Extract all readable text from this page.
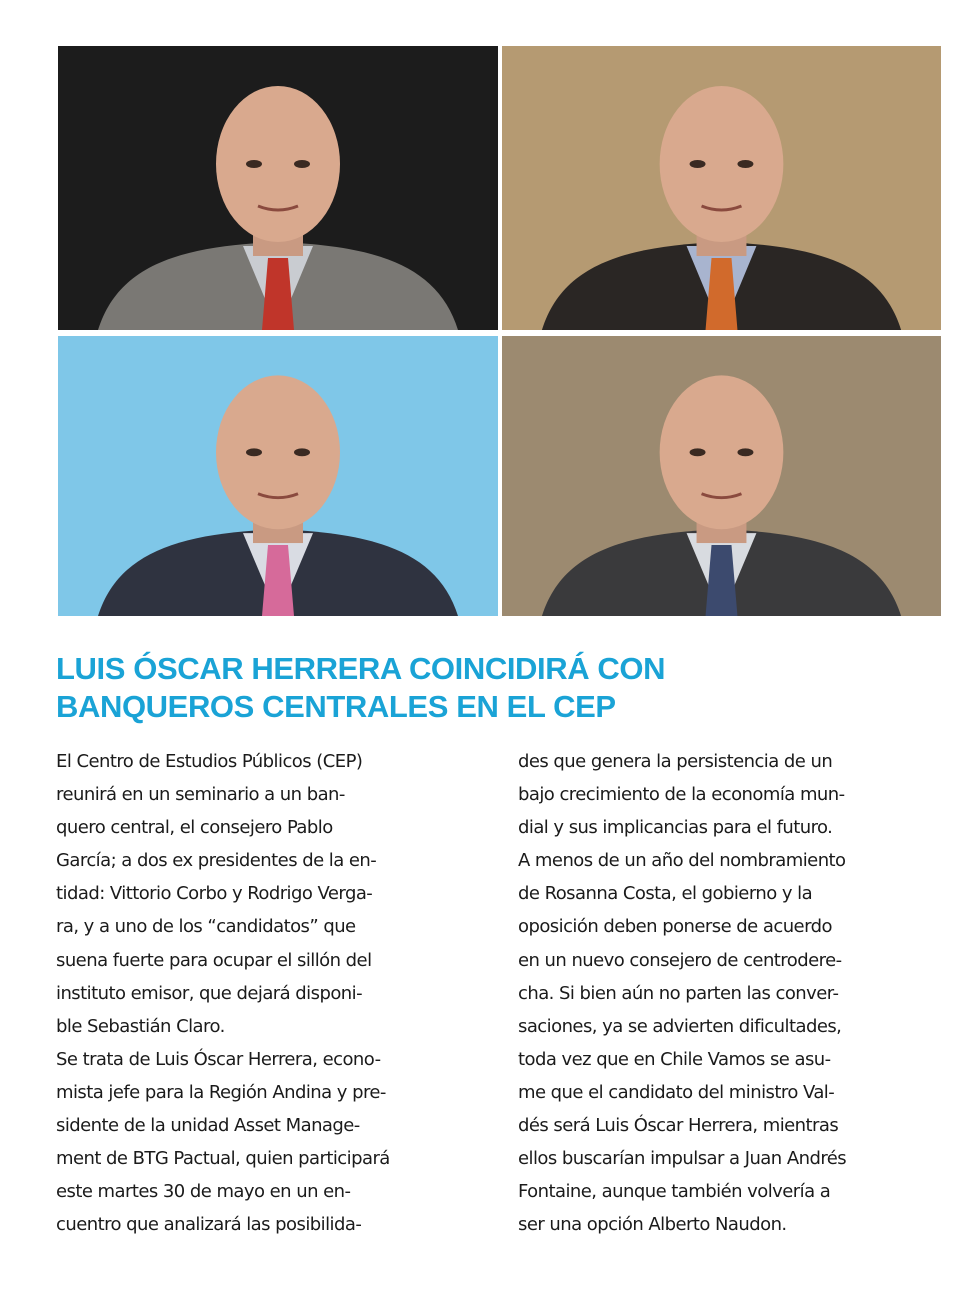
LUIS ÓSCAR HERRERA COINCIDIRÁ CON
BANQUEROS CENTRALES EN EL CEP
El Centro de Estudios Públicos (CEP)
reunirá en un seminario a un ban-
quero central, el consejero Pablo
García; a dos ex presidentes de la en-
tidad: Vittorio Corbo y Rodrigo Verga-
ra, y a uno de los “candidatos” que
suena fuerte para ocupar el sillón del
instituto emisor, que dejará disponi-
ble Sebastián Claro.
Se trata de Luis Óscar Herrera, econo-
mista jefe para la Región Andina y pre-
sidente de la unidad Asset Manage-
ment de BTG Pactual, quien participará
este martes 30 de mayo en un en-
cuentro que analizará las posibilida-
des que genera la persistencia de un
bajo crecimiento de la economía mun-
dial y sus implicancias para el futuro.
A menos de un año del nombramiento
de Rosanna Costa, el gobierno y la
oposición deben ponerse de acuerdo
en un nuevo consejero de centrodere-
cha. Si bien aún no parten las conver-
saciones, ya se advierten dificultades,
toda vez que en Chile Vamos se asu-
me que el candidato del ministro Val-
dés será Luis Óscar Herrera, mientras
ellos buscarían impulsar a Juan Andrés
Fontaine, aunque también volvería a
ser una opción Alberto Naudon.
